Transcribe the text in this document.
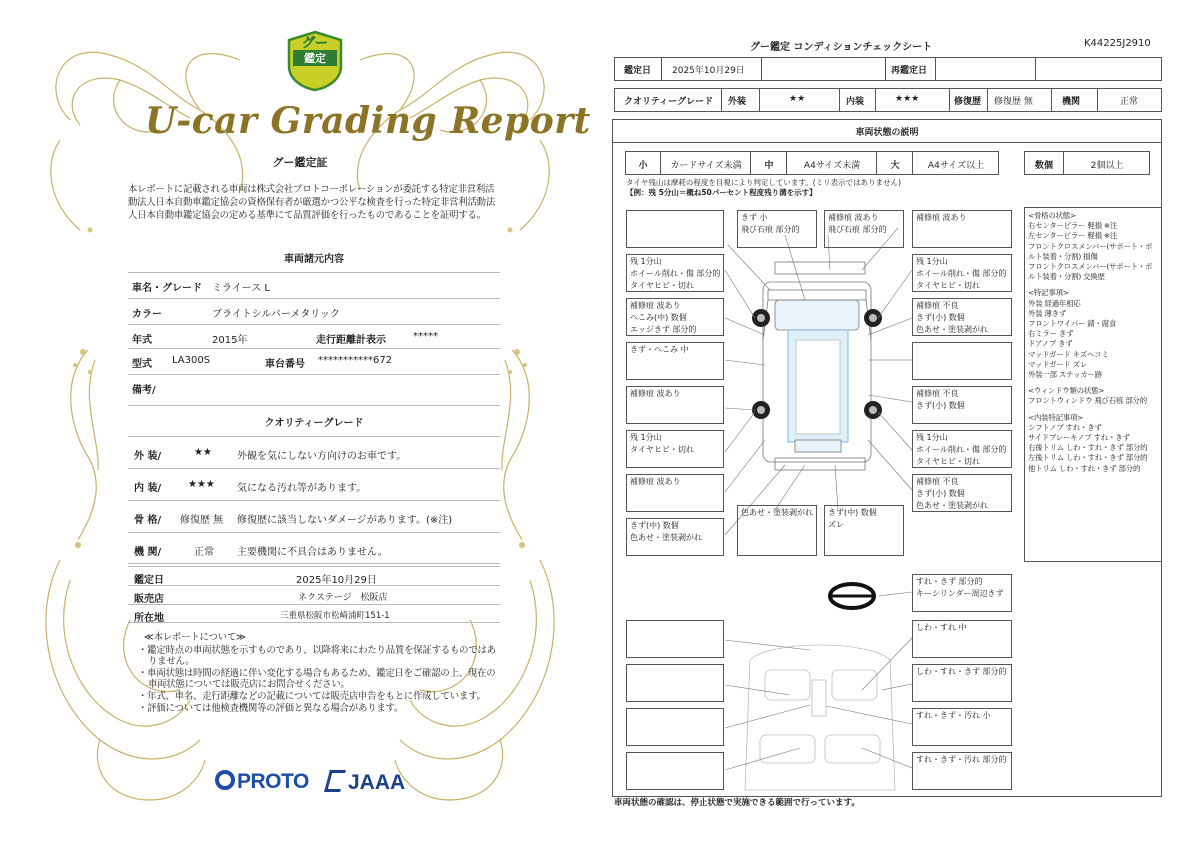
グー
鑑定
U-car Grading Report
グー鑑定証
本レポートに記載される車両は株式会社プロトコーポレーションが委託する特定非営利活動法人日本自動車鑑定協会の資格保有者が厳選かつ公平な検査を行った特定非営利活動法人日本自動車鑑定協会の定める基準にて品質評価を行ったものであることを証明する。
車両諸元内容
車名・グレード ミライース L
カラー	ブライトシルバーメタリック
年式	2015年	走行距離計表示	*****
型式 LA300S	車台番号 ***********672
備考/
クオリティーグレード
外 装/	★★	外観を気にしない方向けのお車です。
内 装/	★★★ 気になる汚れ等があります。
骨 格/ 修復歴 無 修復歴に該当しないダメージがあります。(※注)
機 関/	正常 主要機関に不具合はありません。
鑑定日	2025年10月29日
販売店	ネクステージ　松阪店
所在地	三重県松阪市松崎浦町151-1
≪本レポートについて≫
・鑑定時点の車両状態を示すものであり、以降将来にわたり品質を保証するものではありません。
・車両状態は時間の経過に伴い変化する場合もあるため、鑑定日をご確認の上、現在の車両状態については販売店にお問合せください。
・年式、車名、走行距離などの記載については販売店申告をもとに作成しています。
・評価については他検査機関等の評価と異なる場合があります。
PROTO	JAAA
グー鑑定 コンディションチェックシート	K44225J2910
鑑定日 2025年10月29日	再鑑定日
クオリティーグレード 外装	★★	内装	★★★	修復歴 修復歴 無	機関	正常
車両状態の説明
小	カードサイズ未満	中	A4サイズ未満	大	A4サイズ以上	数個	2個以上
タイヤ残山は摩耗の程度を目視により判定しています。(ミリ表示ではありません)
【例：残 5分山＝概ね50パーセント程度残り溝を示す】
きず 小
飛び石痕 部分的
補修痕 波あり
飛び石痕 部分的
補修痕 波あり
残 1分山
ホイール削れ・傷 部分的
タイヤヒビ・切れ
残 1分山
ホイール削れ・傷 部分的
タイヤヒビ・切れ
補修痕 波あり
へこみ(中) 数個
エッジきず 部分的
補修痕 不良
きず(小) 数個
色あせ・塗装剥がれ
きず・へこみ 中
補修痕 波あり	補修痕 不良
きず(小) 数個
残 1分山
タイヤヒビ・切れ
残 1分山
ホイール削れ・傷 部分的
タイヤヒビ・切れ
補修痕 波あり	補修痕 不良
きず(小) 数個
色あせ・塗装剥がれ
きず(中) 数個
色あせ・塗装剥がれ
色あせ・塗装剥がれ	きず(中) 数個
ズレ
<骨格の状態>
右センターピラー 軽損 ※注
左センターピラー 軽損 ※注
フロントクロスメンバー(サポート・ボルト装着・分割) 損傷
フロントクロスメンバー(サポート・ボルト装着・分割) 交換歴
<特記事項>
外装 経過年相応
外装 薄きず
フロントワイパー 錆・腐食
右ミラー きず
ドアノブ きず
マッドガード キズヘコミ
マッドガード ズレ
外装一部 ステッカー跡
<ウィンドウ類の状態>
フロントウィンドウ 飛び石痕 部分的
<内装特記事項>
シフトノブ すれ・きず
サイドブレーキノブ すれ・きず
右後トリム しわ・すれ・きず 部分的
左後トリム しわ・すれ・きず 部分的
他トリム しわ・すれ・きず 部分的
すれ・きず 部分的
キーシリンダー周辺きず
しわ・すれ 中
しわ・すれ・きず 部分的
すれ・きず・汚れ 小
すれ・きず・汚れ 部分的
車両状態の確認は、停止状態で実施できる範囲で行っています。
